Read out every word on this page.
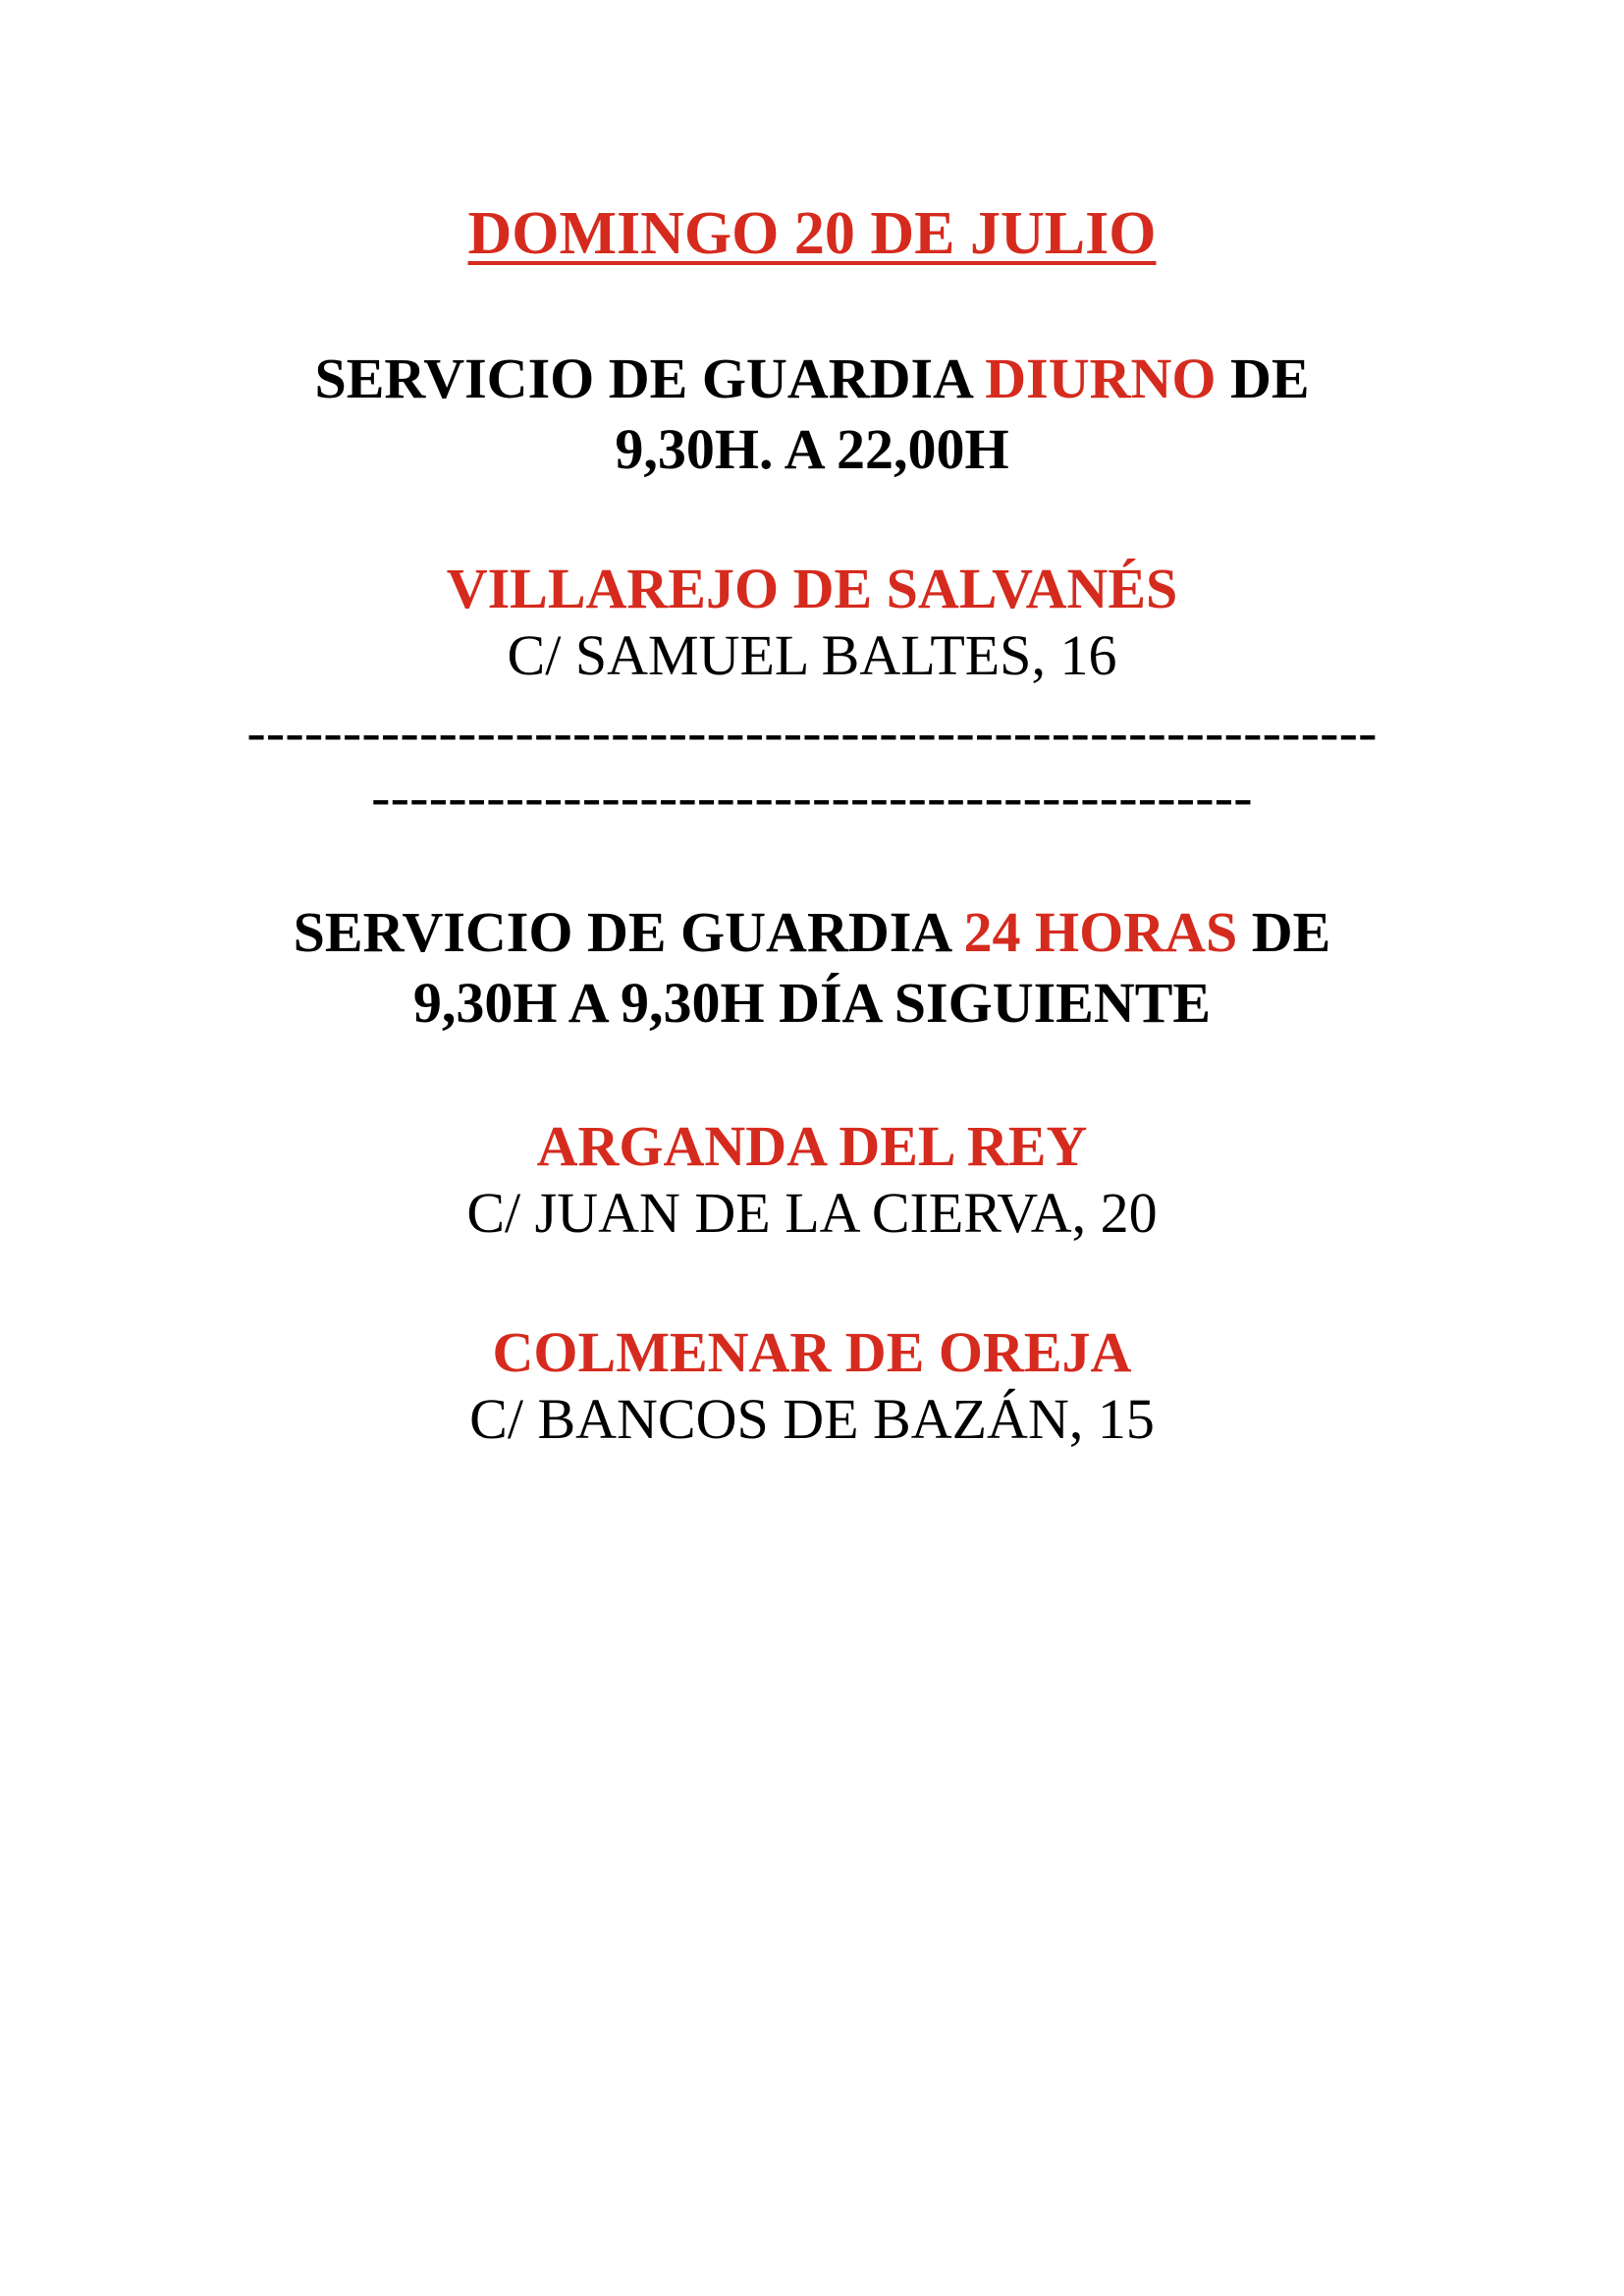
DOMINGO 20 DE JULIO
SERVICIO DE GUARDIA DIURNO DE
9,30H. A 22,00H
VILLAREJO DE SALVANÉS
C/ SAMUEL BALTES, 16
-----------------------------------------------------------
----------------------------------------------
SERVICIO DE GUARDIA 24 HORAS DE
9,30H A 9,30H DÍA SIGUIENTE
ARGANDA DEL REY
C/ JUAN DE LA CIERVA, 20
COLMENAR DE OREJA
C/ BANCOS DE BAZÁN, 15
